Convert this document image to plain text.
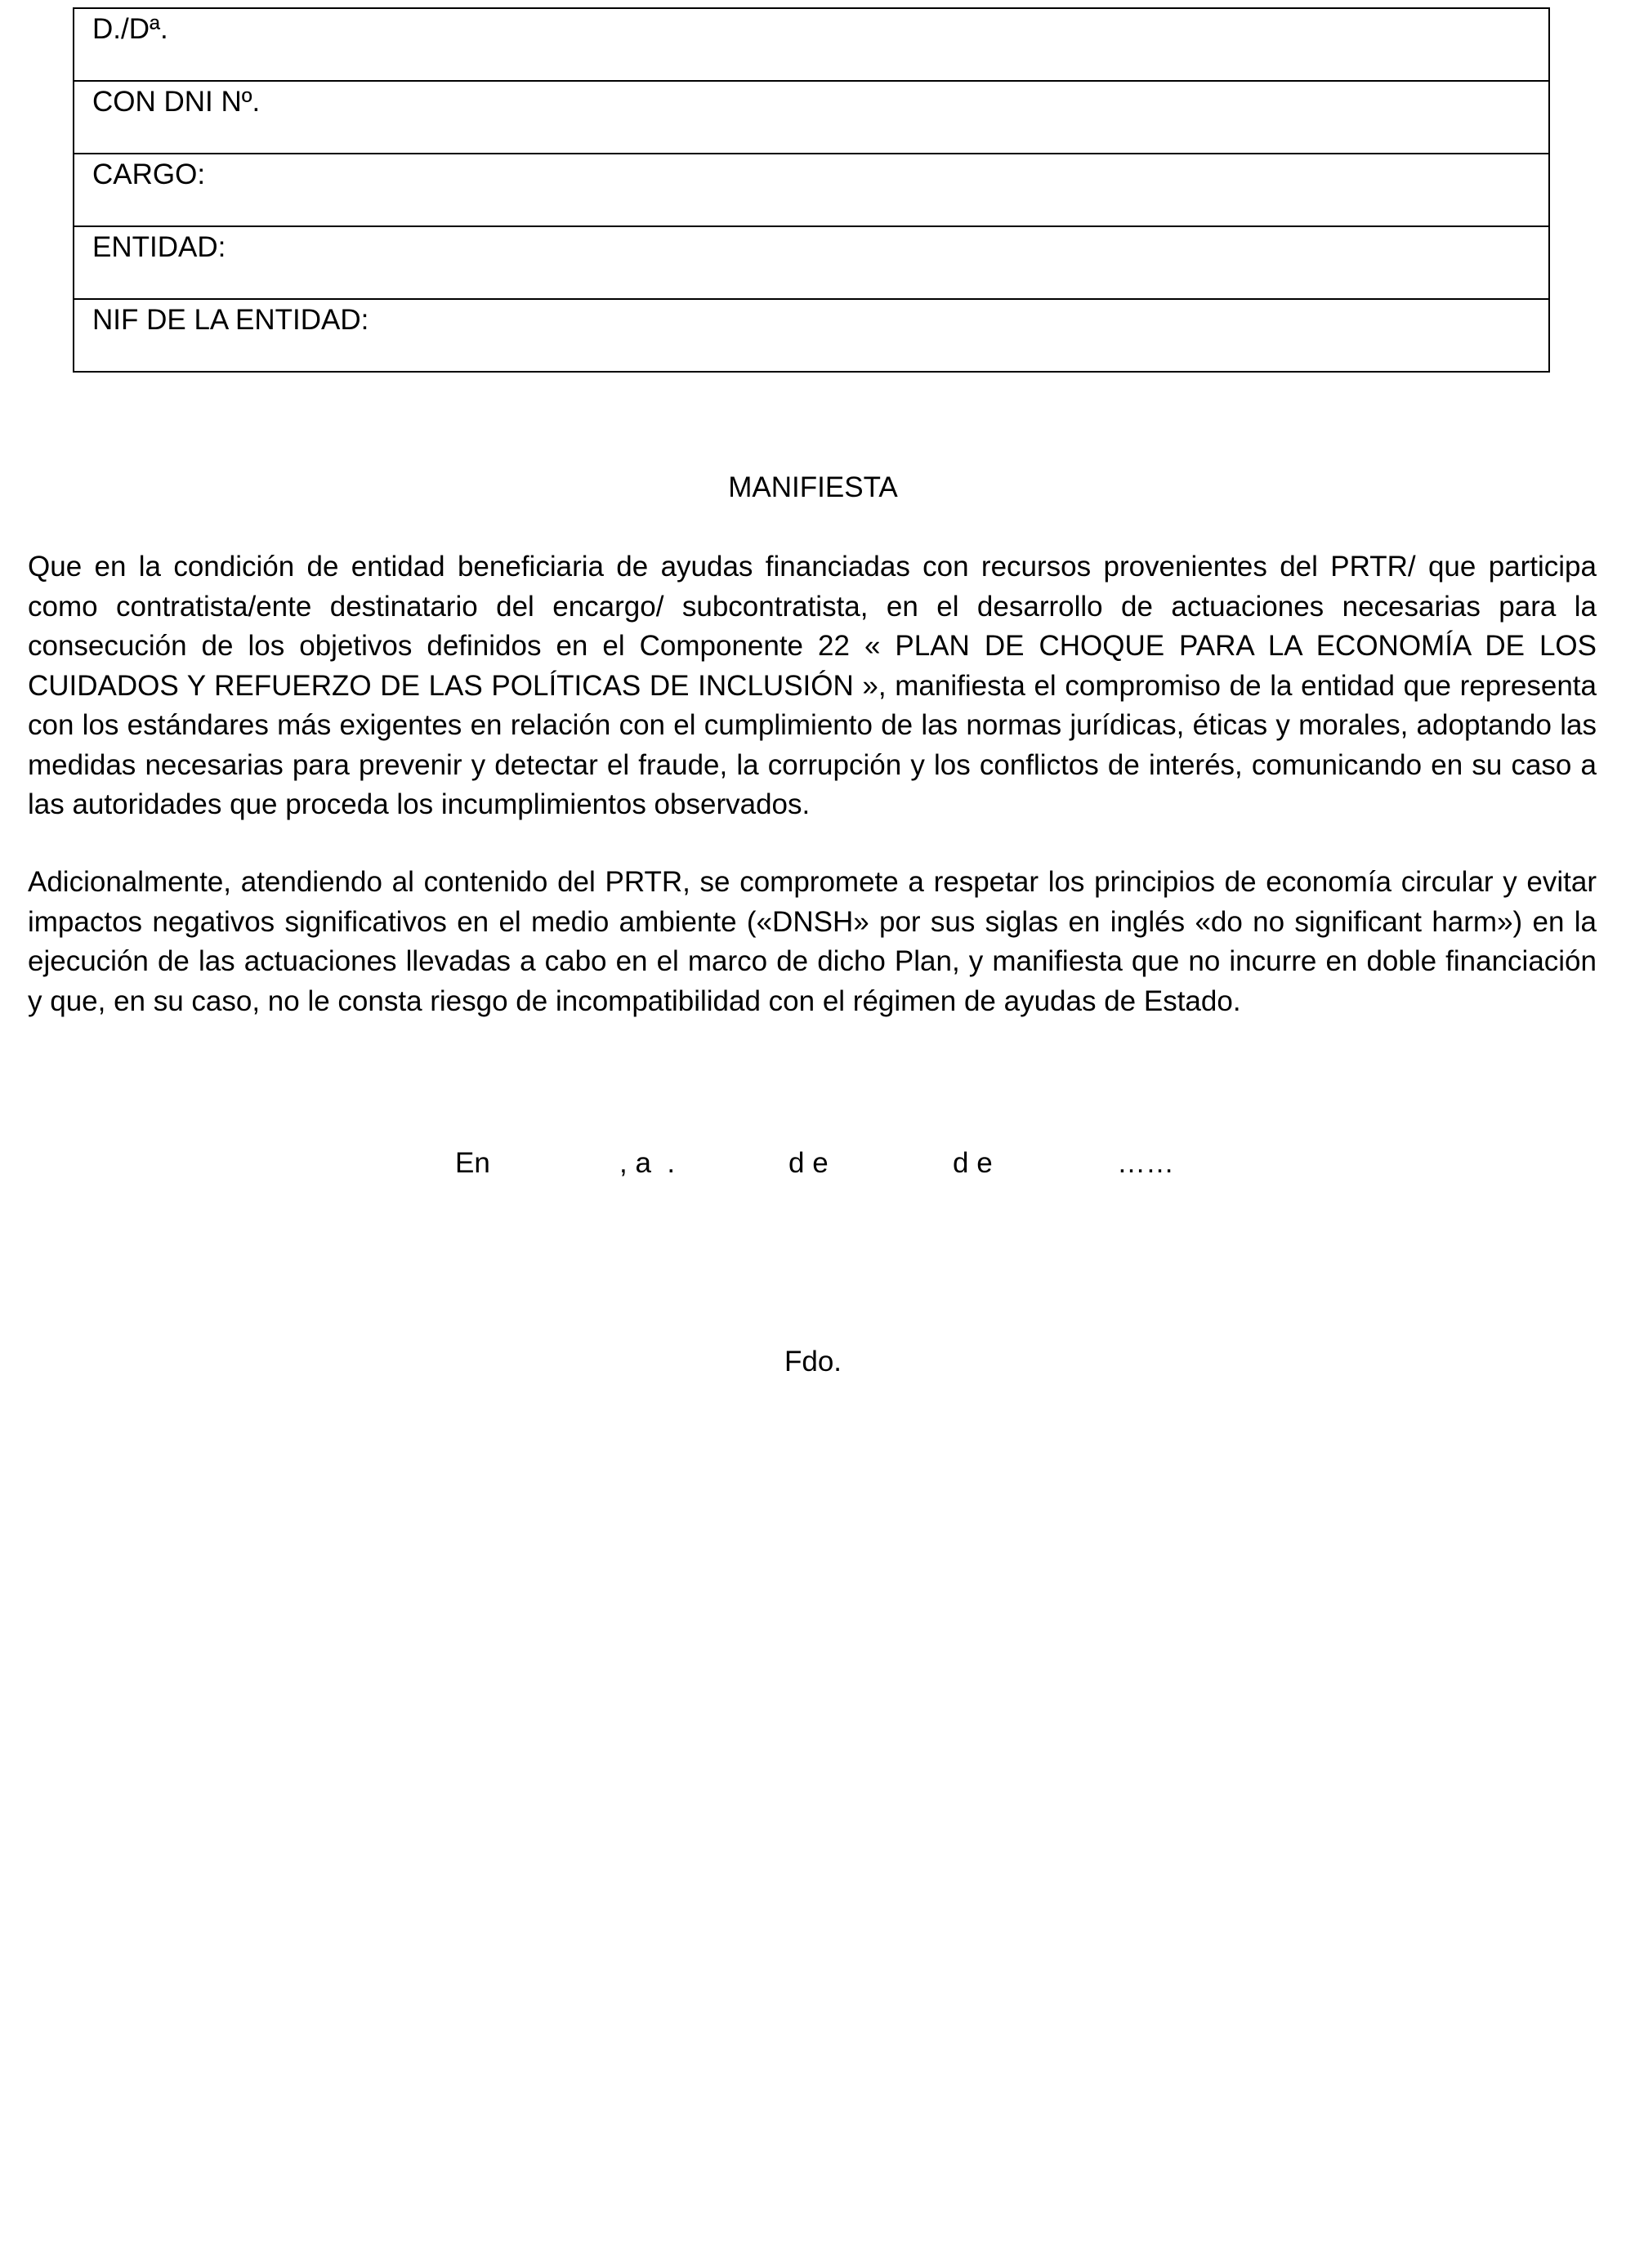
D./Dª.
CON DNI Nº.
CARGO:
ENTIDAD:
NIF DE LA ENTIDAD:
MANIFIESTA

Que en la condición de entidad beneficiaria de ayudas financiadas con recursos provenientes del PRTR/ que participa como contratista/ente destinatario del encargo/ subcontratista, en el desarrollo de actuaciones necesarias para la consecución de los objetivos definidos en el Componente 22 « PLAN DE CHOQUE PARA LA ECONOMÍA DE LOS CUIDADOS Y REFUERZO DE LAS POLÍTICAS DE INCLUSIÓN », manifiesta el compromiso de la entidad que representa con los estándares más exigentes en relación con el cumplimiento de las normas jurídicas, éticas y morales, adoptando las medidas necesarias para prevenir y detectar el fraude, la corrupción y los conflictos de interés, comunicando en su caso a las autoridades que proceda los incumplimientos observados.

Adicionalmente, atendiendo al contenido del PRTR, se compromete a respetar los principios de economía circular y evitar impactos negativos significativos en el medio ambiente («DNSH» por sus siglas en inglés «do no significant harm») en la ejecución de las actuaciones llevadas a cabo en el marco de dicho Plan, y manifiesta que no incurre en doble financiación y que, en su caso, no le consta riesgo de incompatibilidad con el régimen de ayudas de Estado.

En	, a  .	d e	d e	……
Fdo.
